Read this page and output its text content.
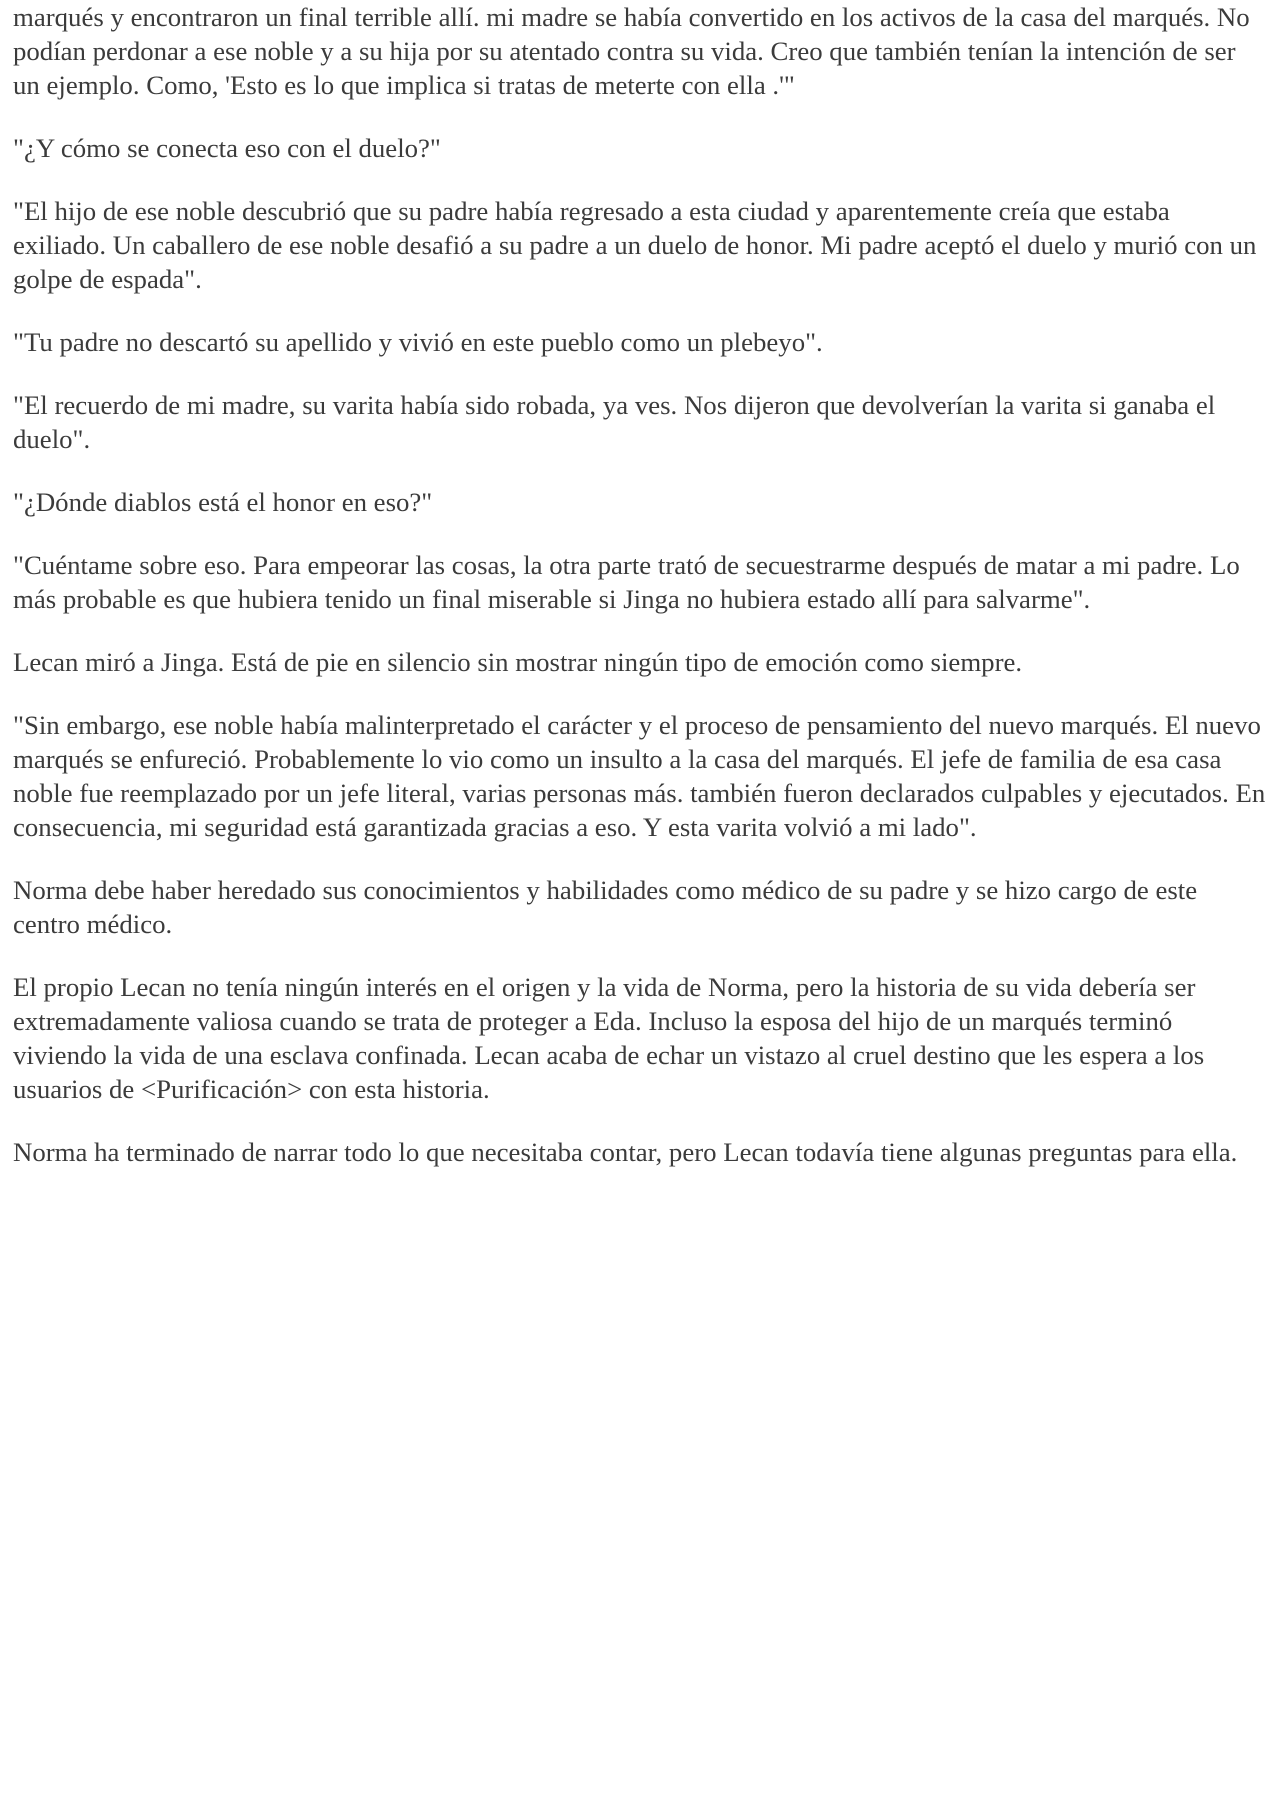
marqués y encontraron un final terrible allí. mi madre se había convertido en los activos de la casa del marqués. No podían perdonar a ese noble y a su hija por su atentado contra su vida. Creo que también tenían la intención de ser un ejemplo. Como, 'Esto es lo que implica si tratas de meterte con ella .'"

"¿Y cómo se conecta eso con el duelo?"

"El hijo de ese noble descubrió que su padre había regresado a esta ciudad y aparentemente creía que estaba exiliado. Un caballero de ese noble desafió a su padre a un duelo de honor. Mi padre aceptó el duelo y murió con un golpe de espada".

"Tu padre no descartó su apellido y vivió en este pueblo como un plebeyo".

"El recuerdo de mi madre, su varita había sido robada, ya ves. Nos dijeron que devolverían la varita si ganaba el duelo".

"¿Dónde diablos está el honor en eso?"

"Cuéntame sobre eso. Para empeorar las cosas, la otra parte trató de secuestrarme después de matar a mi padre. Lo más probable es que hubiera tenido un final miserable si Jinga no hubiera estado allí para salvarme".

Lecan miró a Jinga. Está de pie en silencio sin mostrar ningún tipo de emoción como siempre.

"Sin embargo, ese noble había malinterpretado el carácter y el proceso de pensamiento del nuevo marqués. El nuevo marqués se enfureció. Probablemente lo vio como un insulto a la casa del marqués. El jefe de familia de esa casa noble fue reemplazado por un jefe literal, varias personas más. también fueron declarados culpables y ejecutados. En consecuencia, mi seguridad está garantizada gracias a eso. Y esta varita volvió a mi lado".

Norma debe haber heredado sus conocimientos y habilidades como médico de su padre y se hizo cargo de este centro médico.

El propio Lecan no tenía ningún interés en el origen y la vida de Norma, pero la historia de su vida debería ser extremadamente valiosa cuando se trata de proteger a Eda. Incluso la esposa del hijo de un marqués terminó viviendo la vida de una esclava confinada. Lecan acaba de echar un vistazo al cruel destino que les espera a los usuarios de <Purificación> con esta historia.

Norma ha terminado de narrar todo lo que necesitaba contar, pero Lecan todavía tiene algunas preguntas para ella.
